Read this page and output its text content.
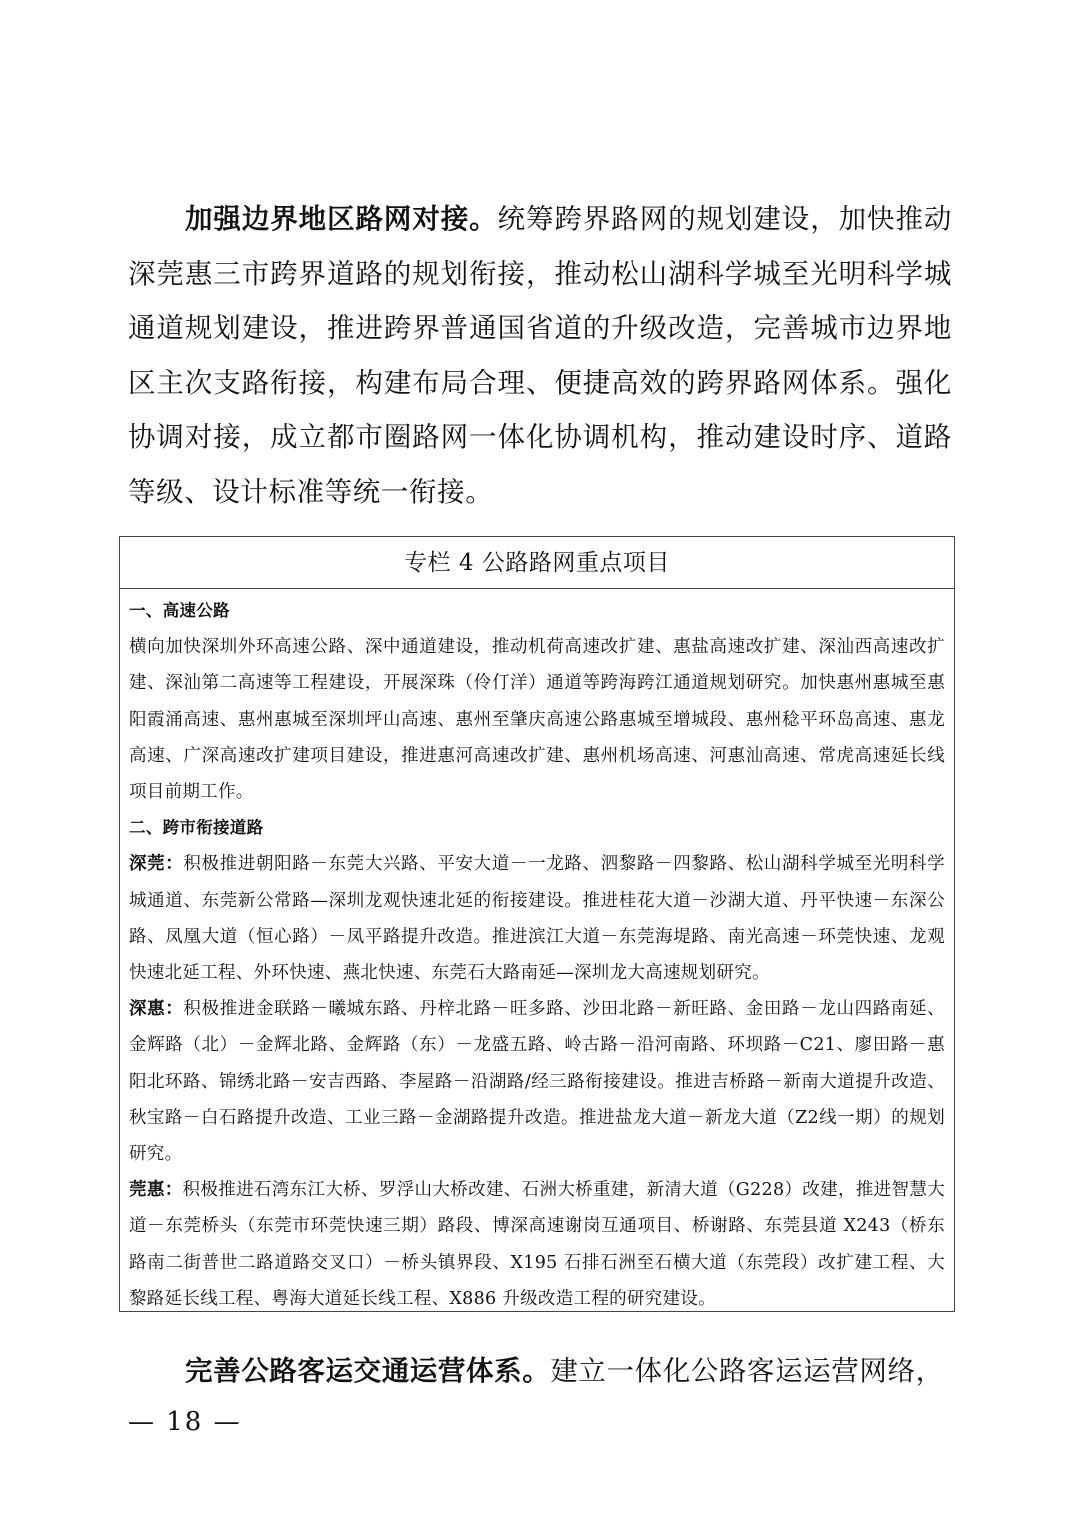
加强边界地区路网对接。统筹跨界路网的规划建设，加快推动深莞惠三市跨界道路的规划衔接，推动松山湖科学城至光明科学城通道规划建设，推进跨界普通国省道的升级改造，完善城市边界地区主次支路衔接，构建布局合理、便捷高效的跨界路网体系。强化协调对接，成立都市圈路网一体化协调机构，推动建设时序、道路等级、设计标准等统一衔接。

专栏 4 公路路网重点项目

一、高速公路

横向加快深圳外环高速公路、深中通道建设，推动机荷高速改扩建、惠盐高速改扩建、深汕西高速改扩建、深汕第二高速等工程建设，开展深珠（伶仃洋）通道等跨海跨江通道规划研究。加快惠州惠城至惠阳霞涌高速、惠州惠城至深圳坪山高速、惠州至肇庆高速公路惠城至增城段、惠州稔平环岛高速、惠龙高速、广深高速改扩建项目建设，推进惠河高速改扩建、惠州机场高速、河惠汕高速、常虎高速延长线项目前期工作。

二、跨市衔接道路

深莞：积极推进朝阳路－东莞大兴路、平安大道－一龙路、泗黎路－四黎路、松山湖科学城至光明科学城通道、东莞新公常路—深圳龙观快速北延的衔接建设。推进桂花大道－沙湖大道、丹平快速－东深公路、凤凰大道（恒心路）－凤平路提升改造。推进滨江大道－东莞海堤路、南光高速－环莞快速、龙观快速北延工程、外环快速、燕北快速、东莞石大路南延—深圳龙大高速规划研究。

深惠：积极推进金联路－曦城东路、丹梓北路－旺多路、沙田北路－新旺路、金田路－龙山四路南延、金辉路（北）－金辉北路、金辉路（东）－龙盛五路、岭古路－沿河南路、环坝路－C21、廖田路－惠阳北环路、锦绣北路－安吉西路、李屋路－沿湖路/经三路衔接建设。推进吉桥路－新南大道提升改造、秋宝路－白石路提升改造、工业三路－金湖路提升改造。推进盐龙大道－新龙大道（Z2线一期）的规划研究。

莞惠：积极推进石湾东江大桥、罗浮山大桥改建、石洲大桥重建，新清大道（G228）改建，推进智慧大道－东莞桥头（东莞市环莞快速三期）路段、博深高速谢岗互通项目、桥谢路、东莞县道 X243（桥东路南二街普世二路道路交叉口）－桥头镇界段、X195 石排石洲至石横大道（东莞段）改扩建工程、大黎路延长线工程、粤海大道延长线工程、X886 升级改造工程的研究建设。

完善公路客运交通运营体系。建立一体化公路客运运营网络，

— 18 —
